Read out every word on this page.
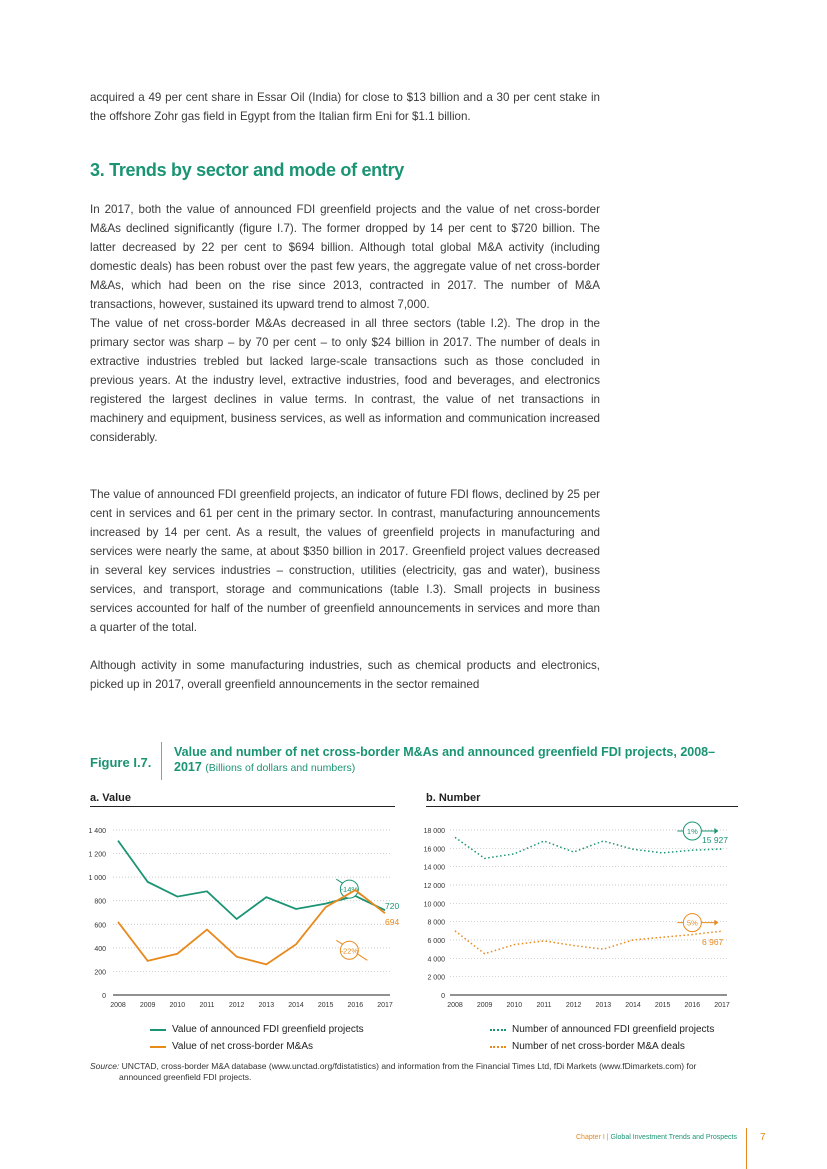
acquired a 49 per cent share in Essar Oil (India) for close to $13 billion and a 30 per cent stake in the offshore Zohr gas field in Egypt from the Italian firm Eni for $1.1 billion.
3. Trends by sector and mode of entry
In 2017, both the value of announced FDI greenfield projects and the value of net cross-border M&As declined significantly (figure I.7). The former dropped by 14 per cent to $720 billion. The latter decreased by 22 per cent to $694 billion. Although total global M&A activity (including domestic deals) has been robust over the past few years, the aggregate value of net cross-border M&As, which had been on the rise since 2013, contracted in 2017. The number of M&A transactions, however, sustained its upward trend to almost 7,000.
The value of net cross-border M&As decreased in all three sectors (table I.2). The drop in the primary sector was sharp – by 70 per cent – to only $24 billion in 2017. The number of deals in extractive industries trebled but lacked large-scale transactions such as those concluded in previous years. At the industry level, extractive industries, food and beverages, and electronics registered the largest declines in value terms. In contrast, the value of net transactions in machinery and equipment, business services, as well as information and communication increased considerably.
The value of announced FDI greenfield projects, an indicator of future FDI flows, declined by 25 per cent in services and 61 per cent in the primary sector. In contrast, manufacturing announcements increased by 14 per cent. As a result, the values of greenfield projects in manufacturing and services were nearly the same, at about $350 billion in 2017. Greenfield project values decreased in several key services industries – construction, utilities (electricity, gas and water), business services, and transport, storage and communications (table I.3). Small projects in business services accounted for half of the number of greenfield announcements in services and more than a quarter of the total.
Although activity in some manufacturing industries, such as chemical products and electronics, picked up in 2017, overall greenfield announcements in the sector remained
Figure I.7.
Value and number of net cross-border M&As and announced greenfield FDI projects, 2008–2017 (Billions of dollars and numbers)
a. Value	b. Number
0
200
400
600
800
1 000
1 200
1 400
2008 2009 2010 2011 2012 2013 2014 2015 2016 2017
720
-14%
694
-22%
0
2 000
4 000
6 000
8 000
10 000
12 000
14 000
16 000
18 000
2008 2009 2010 2011 2012 2013 2014 2015 2016 2017
15 927
1%
6 967
5%
Value of announced FDI greenfield projects
Value of net cross-border M&As
Number of announced FDI greenfield projects
Number of net cross-border M&A deals
Source: UNCTAD, cross-border M&A database (www.unctad.org/fdistatistics) and information from the Financial Times Ltd, fDi Markets (www.fDimarkets.com) for announced greenfield FDI projects.
Chapter I | Global Investment Trends and Prospects 7
